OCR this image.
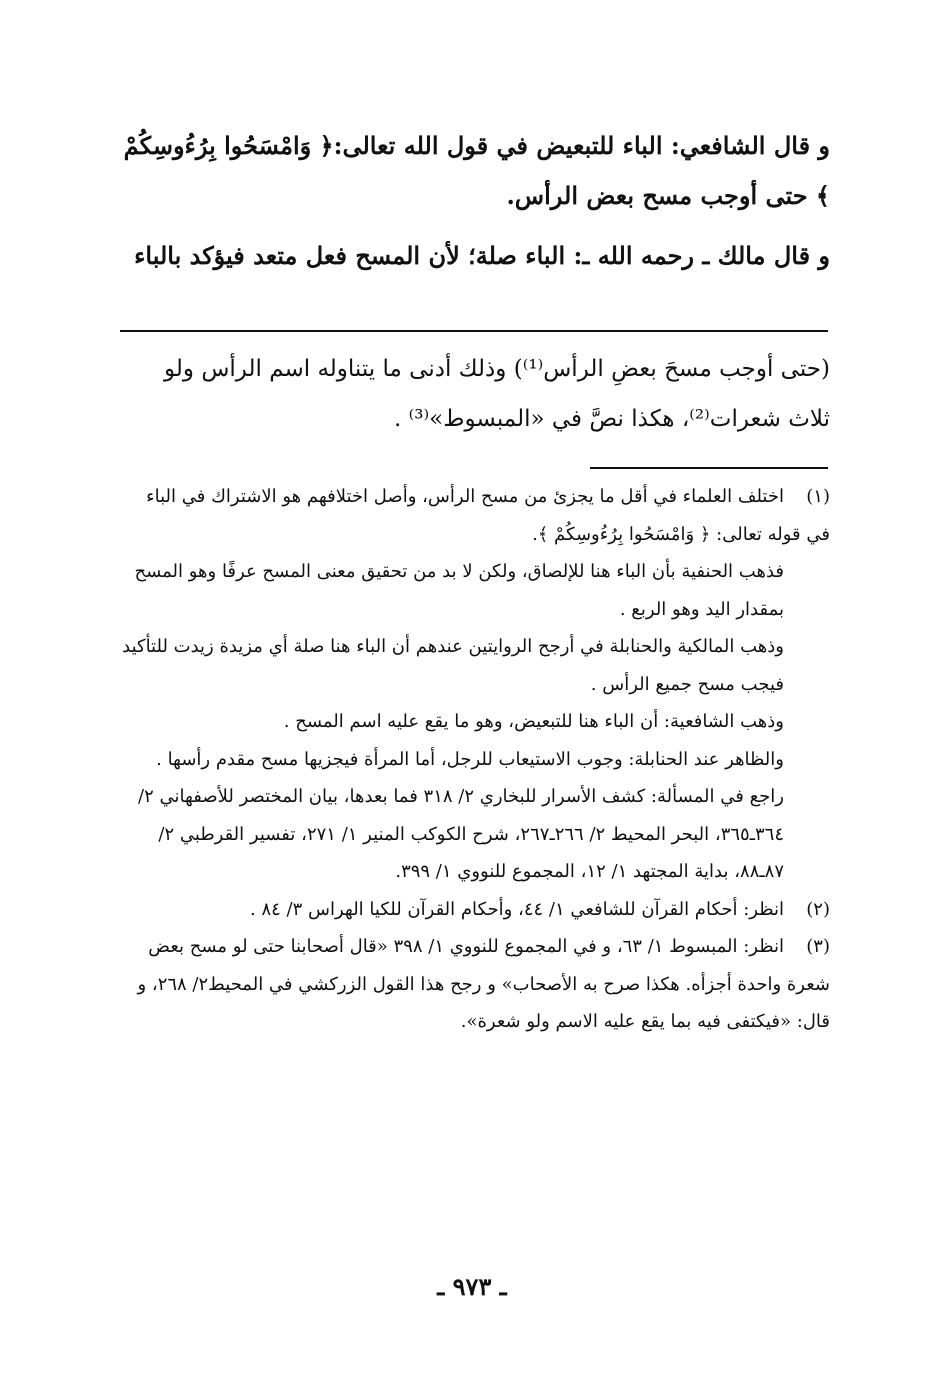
و قال الشافعي: الباء للتبعيض في قول الله تعالى:﴿ وَامْسَحُوا بِرُءُوسِكُمْ ﴾ حتى أوجب مسح بعض الرأس.

و قال مالك ـ رحمه الله ـ: الباء صلة؛ لأن المسح فعل متعد فيؤكد بالباء

(حتى أوجب مسحَ بعضِ الرأس⁽¹⁾) وذلك أدنى ما يتناوله اسم الرأس ولو ثلاث شعرات⁽²⁾، هكذا نصَّ في «المبسوط»⁽³⁾ .

(١)اختلف العلماء في أقل ما يجزئ من مسح الرأس، وأصل اختلافهم هو الاشتراك في الباء في قوله تعالى: ﴿ وَامْسَحُوا بِرُءُوسِكُمْ ﴾.
فذهب الحنفية بأن الباء هنا للإلصاق، ولكن لا بد من تحقيق معنى المسح عرفًا وهو المسح بمقدار اليد وهو الربع .
وذهب المالكية والحنابلة في أرجح الروايتين عندهم أن الباء هنا صلة أي مزيدة زيدت للتأكيد فيجب مسح جميع الرأس .
وذهب الشافعية: أن الباء هنا للتبعيض، وهو ما يقع عليه اسم المسح .
والظاهر عند الحنابلة: وجوب الاستيعاب للرجل، أما المرأة فيجزيها مسح مقدم رأسها .
راجع في المسألة: كشف الأسرار للبخاري ٢/ ٣١٨ فما بعدها، بيان المختصر للأصفهاني ٢/ ٣٦٤ـ٣٦٥، البحر المحيط ٢/ ٢٦٦ـ٢٦٧، شرح الكوكب المنير ١/ ٢٧١، تفسير القرطبي ٢/ ٨٧ـ٨٨، بداية المجتهد ١/ ١٢، المجموع للنووي ١/ ٣٩٩.
(٢)انظر: أحكام القرآن للشافعي ١/ ٤٤، وأحكام القرآن للكيا الهراس ٣/ ٨٤ .
(٣)انظر: المبسوط ١/ ٦٣، و في المجموع للنووي ١/ ٣٩٨ «قال أصحابنا حتى لو مسح بعض شعرة واحدة أجزأه. هكذا صرح به الأصحاب» و رجح هذا القول الزركشي في المحيط٢/ ٢٦٨، و قال: «فيكتفى فيه بما يقع عليه الاسم ولو شعرة».
ـ ٩٧٣ ـ
